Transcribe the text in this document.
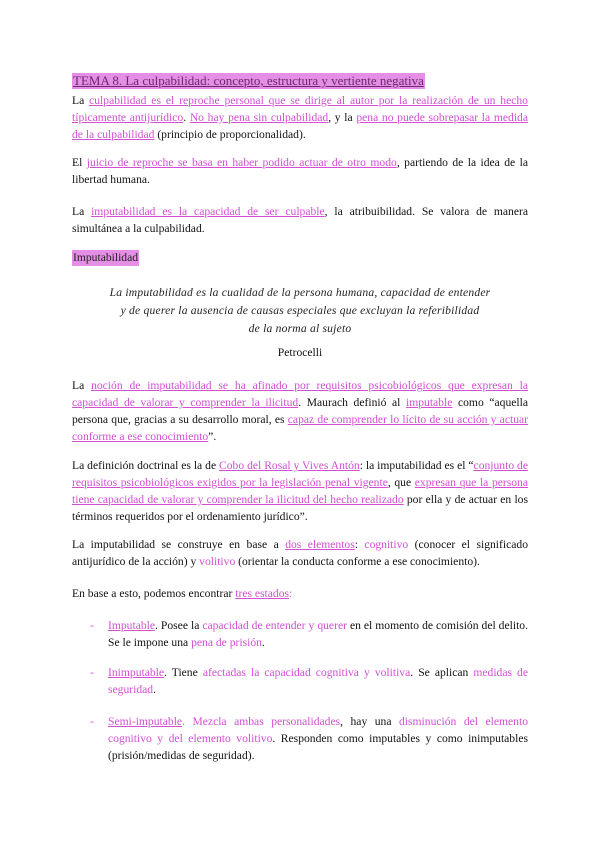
TEMA 8. La culpabilidad: concepto, estructura y vertiente negativa
La culpabilidad es el reproche personal que se dirige al autor por la realización de un hecho típicamente antijurídico. No hay pena sin culpabilidad, y la pena no puede sobrepasar la medida de la culpabilidad (principio de proporcionalidad).
El juicio de reproche se basa en haber podido actuar de otro modo, partiendo de la idea de la libertad humana.
La imputabilidad es la capacidad de ser culpable, la atribuibilidad. Se valora de manera simultánea a la culpabilidad.
Imputabilidad
La imputabilidad es la cualidad de la persona humana, capacidad de entender
y de querer la ausencia de causas especiales que excluyan la referibilidad
de la norma al sujeto
Petrocelli
La noción de imputabilidad se ha afinado por requisitos psicobiológicos que expresan la capacidad de valorar y comprender la ilicitud. Maurach definió al imputable como “aquella persona que, gracias a su desarrollo moral, es capaz de comprender lo lícito de su acción y actuar conforme a ese conocimiento”.
La definición doctrinal es la de Cobo del Rosal y Vives Antón: la imputabilidad es el “conjunto de requisitos psicobiológicos exigidos por la legislación penal vigente, que expresan que la persona tiene capacidad de valorar y comprender la ilicitud del hecho realizado por ella y de actuar en los términos requeridos por el ordenamiento jurídico”.
La imputabilidad se construye en base a dos elementos: cognitivo (conocer el significado antijurídico de la acción) y volitivo (orientar la conducta conforme a ese conocimiento).
En base a esto, podemos encontrar tres estados:
- Imputable. Posee la capacidad de entender y querer en el momento de comisión del delito. Se le impone una pena de prisión.
- Inimputable. Tiene afectadas la capacidad cognitiva y volitiva. Se aplican medidas de seguridad.
- Semi-imputable. Mezcla ambas personalidades, hay una disminución del elemento cognitivo y del elemento volitivo. Responden como imputables y como inimputables (prisión/medidas de seguridad).
